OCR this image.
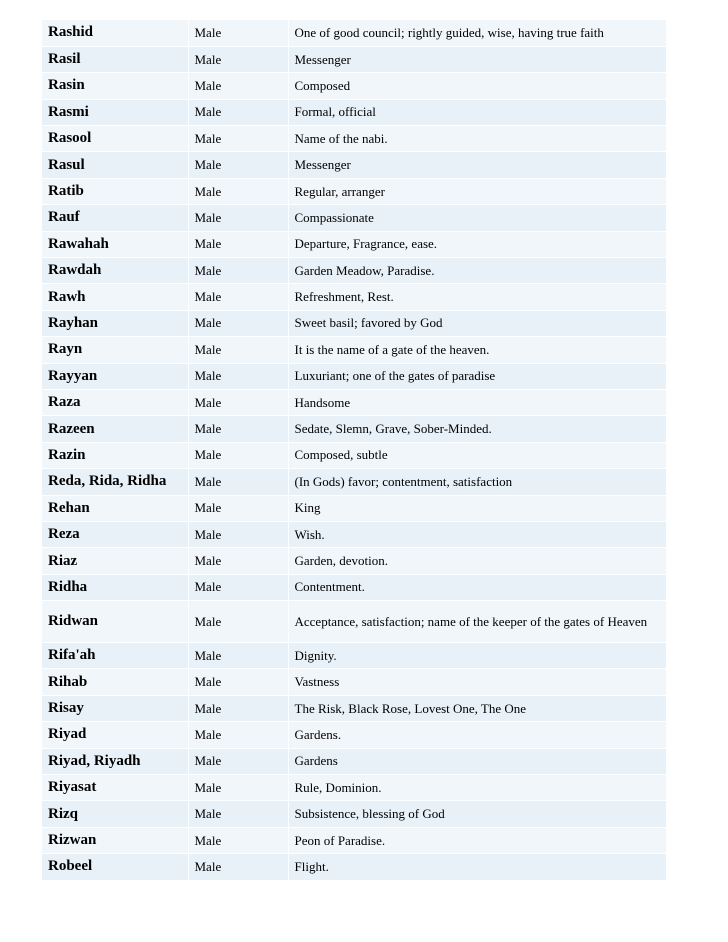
Rashid	Male	One of good council; rightly guided, wise, having true faith
Rasil	Male	Messenger
Rasin	Male	Composed
Rasmi	Male	Formal, official
Rasool	Male	Name of the nabi.
Rasul	Male	Messenger
Ratib	Male	Regular, arranger
Rauf	Male	Compassionate
Rawahah	Male	Departure, Fragrance, ease.
Rawdah	Male	Garden Meadow, Paradise.
Rawh	Male	Refreshment, Rest.
Rayhan	Male	Sweet basil; favored by God
Rayn	Male	It is the name of a gate of the heaven.
Rayyan	Male	Luxuriant; one of the gates of paradise
Raza	Male	Handsome
Razeen	Male	Sedate, Slemn, Grave, Sober-Minded.
Razin	Male	Composed, subtle
Reda, Rida, Ridha	Male	(In Gods) favor; contentment, satisfaction
Rehan	Male	King
Reza	Male	Wish.
Riaz	Male	Garden, devotion.
Ridha	Male	Contentment.
Ridwan	Male	Acceptance, satisfaction; name of the keeper of the gates of Heaven
Rifa'ah	Male	Dignity.
Rihab	Male	Vastness
Risay	Male	The Risk, Black Rose, Lovest One, The One
Riyad	Male	Gardens.
Riyad, Riyadh	Male	Gardens
Riyasat	Male	Rule, Dominion.
Rizq	Male	Subsistence, blessing of God
Rizwan	Male	Peon of Paradise.
Robeel	Male	Flight.
